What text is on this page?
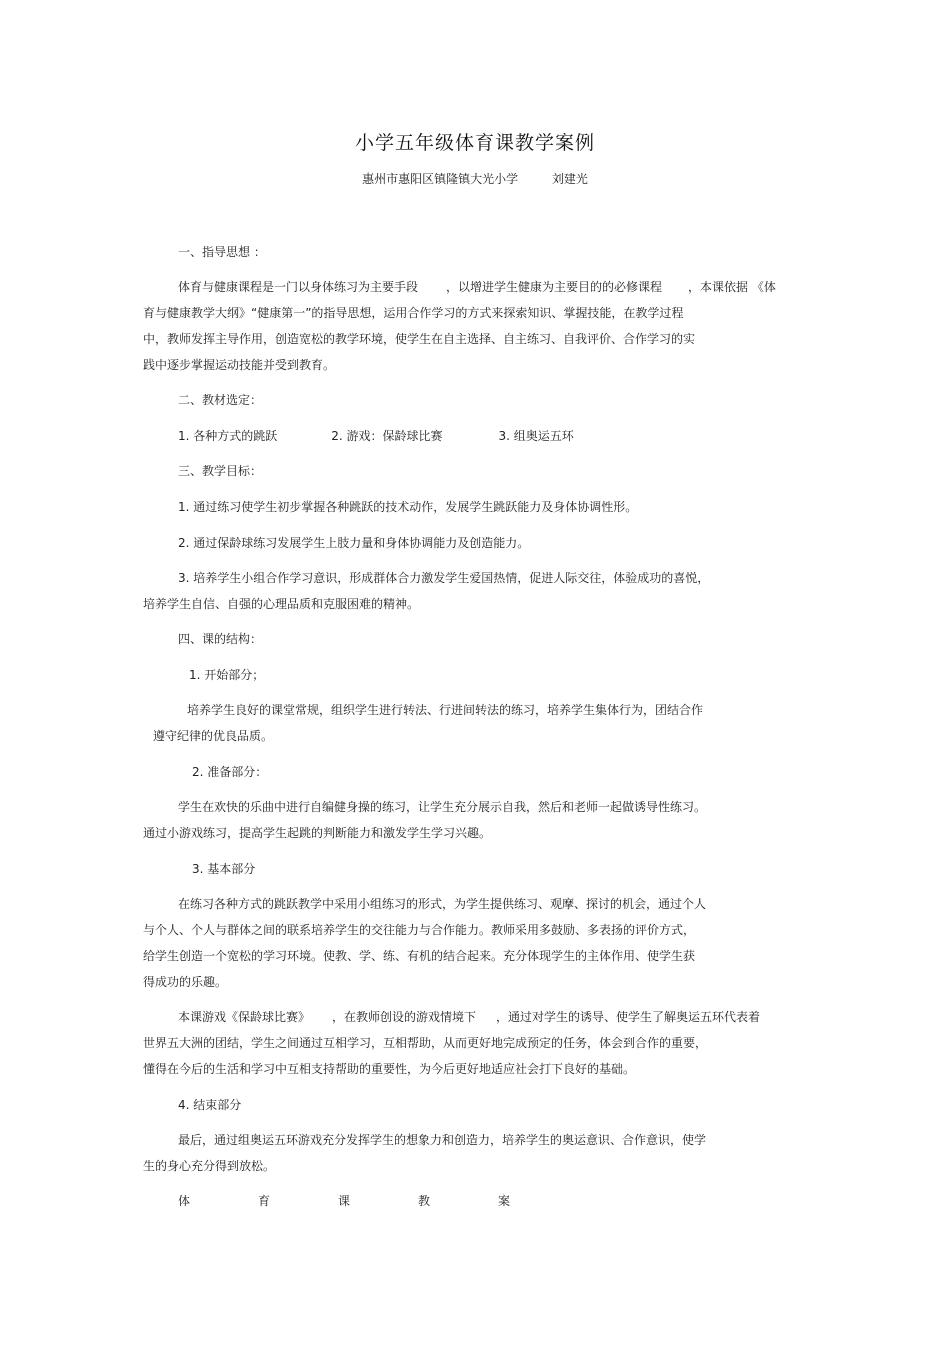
小学五年级体育课教学案例
惠州市惠阳区镇隆镇大光小学	刘建光
一、指导思想 ：
体育与健康课程是一门以身体练习为主要手段 ，以增进学生健康为主要目的的必修课程 ，本课依据 《体
育与健康教学大纲》“健康第一”的指导思想，运用合作学习的方式来探索知识、掌握技能，在教学过程
中，教师发挥主导作用，创造宽松的教学环境，使学生在自主选择、自主练习、自我评价、合作学习的实
践中逐步掌握运动技能并受到教育。
二、教材选定：
1. 各种方式的跳跃	2. 游戏：保龄球比赛	3. 组奥运五环
三、教学目标：
1. 通过练习使学生初步掌握各种跳跃的技术动作，发展学生跳跃能力及身体协调性形。
2. 通过保龄球练习发展学生上肢力量和身体协调能力及创造能力。
3. 培养学生小组合作学习意识，形成群体合力激发学生爱国热情，促进人际交往，体验成功的喜悦，
培养学生自信、自强的心理品质和克服困难的精神。
四、课的结构：
1. 开始部分；
培养学生良好的课堂常规，组织学生进行转法、行进间转法的练习，培养学生集体行为，团结合作
遵守纪律的优良品质。
2. 准备部分：
学生在欢快的乐曲中进行自编健身操的练习，让学生充分展示自我，然后和老师一起做诱导性练习。
通过小游戏练习，提高学生起跳的判断能力和激发学生学习兴趣。
3. 基本部分
在练习各种方式的跳跃教学中采用小组练习的形式，为学生提供练习、观摩、探讨的机会，通过个人
与个人、个人与群体之间的联系培养学生的交往能力与合作能力。教师采用多鼓励、多表扬的评价方式，
给学生创造一个宽松的学习环境。使教、学、练、有机的结合起来。充分体现学生的主体作用、使学生获
得成功的乐趣。
本课游戏《保龄球比赛》 ，在教师创设的游戏情境下 ，通过对学生的诱导、使学生了解奥运五环代表着
世界五大洲的团结，学生之间通过互相学习，互相帮助，从而更好地完成预定的任务，体会到合作的重要，
懂得在今后的生活和学习中互相支持帮助的重要性，为今后更好地适应社会打下良好的基础。
4. 结束部分
最后，通过组奥运五环游戏充分发挥学生的想象力和创造力，培养学生的奥运意识、合作意识，使学
生的身心充分得到放松。
体	育	课	教	案
